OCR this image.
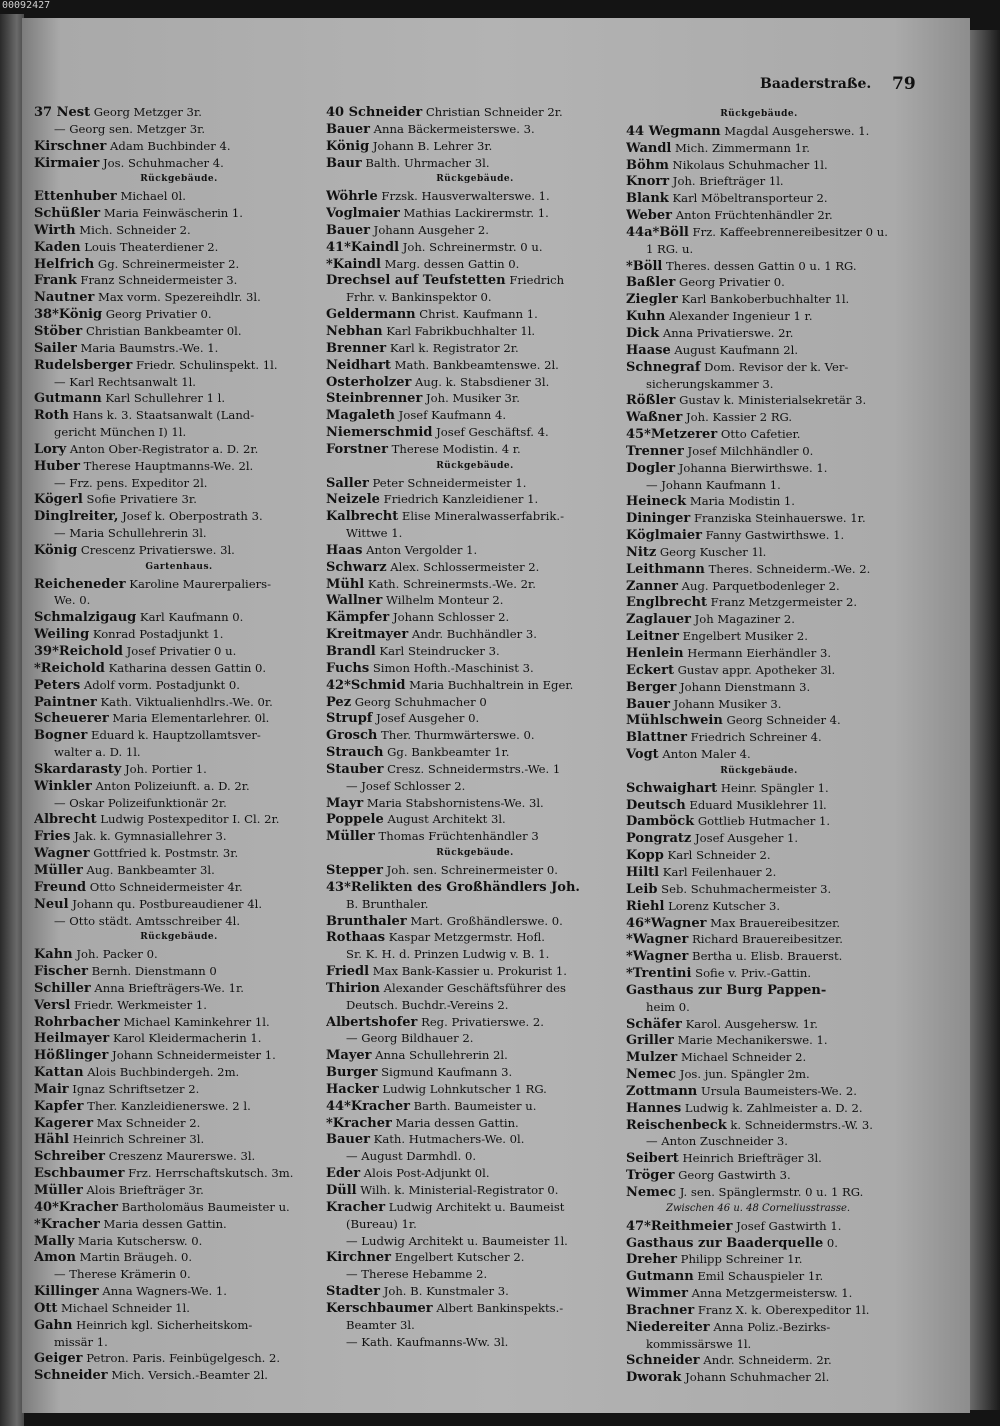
00092427
Baaderstraße. 79
37 Nest Georg Metzger 3r.
— Georg sen. Metzger 3r.
Kirschner Adam Buchbinder 4.
Kirmaier Jos. Schuhmacher 4.
Rückgebäude.
Ettenhuber Michael 0l.
Schüßler Maria Feinwäscherin 1.
Wirth Mich. Schneider 2.
Kaden Louis Theaterdiener 2.
Helfrich Gg. Schreinermeister 2.
Frank Franz Schneidermeister 3.
Nautner Max vorm. Spezereihdlr. 3l.
38*König Georg Privatier 0.
Stöber Christian Bankbeamter 0l.
Sailer Maria Baumstrs.-We. 1.
Rudelsberger Friedr. Schulinspekt. 1l.
— Karl Rechtsanwalt 1l.
Gutmann Karl Schullehrer 1 l.
Roth Hans k. 3. Staatsanwalt (Land-
gericht München I) 1l.
Lory Anton Ober-Registrator a. D. 2r.
Huber Therese Hauptmanns-We. 2l.
— Frz. pens. Expeditor 2l.
Kögerl Sofie Privatiere 3r.
Dinglreiter, Josef k. Oberpostrath 3.
— Maria Schullehrerin 3l.
König Crescenz Privatierswe. 3l.
Gartenhaus.
Reicheneder Karoline Maurerpaliers-
We. 0.
Schmalzigaug Karl Kaufmann 0.
Weiling Konrad Postadjunkt 1.
39*Reichold Josef Privatier 0 u.
*Reichold Katharina dessen Gattin 0.
Peters Adolf vorm. Postadjunkt 0.
Paintner Kath. Viktualienhdlrs.-We. 0r.
Scheuerer Maria Elementarlehrer. 0l.
Bogner Eduard k. Hauptzollamtsver-
walter a. D. 1l.
Skardarasty Joh. Portier 1.
Winkler Anton Polizeiunft. a. D. 2r.
— Oskar Polizeifunktionär 2r.
Albrecht Ludwig Postexpeditor I. Cl. 2r.
Fries Jak. k. Gymnasiallehrer 3.
Wagner Gottfried k. Postmstr. 3r.
Müller Aug. Bankbeamter 3l.
Freund Otto Schneidermeister 4r.
Neul Johann qu. Postbureaudiener 4l.
— Otto städt. Amtsschreiber 4l.
Rückgebäude.
Kahn Joh. Packer 0.
Fischer Bernh. Dienstmann 0
Schiller Anna Briefträgers-We. 1r.
Versl Friedr. Werkmeister 1.
Rohrbacher Michael Kaminkehrer 1l.
Heilmayer Karol Kleidermacherin 1.
Hößlinger Johann Schneidermeister 1.
Kattan Alois Buchbindergeh. 2m.
Mair Ignaz Schriftsetzer 2.
Kapfer Ther. Kanzleidienerswe. 2 l.
Kagerer Max Schneider 2.
Hähl Heinrich Schreiner 3l.
Schreiber Creszenz Maurerswe. 3l.
Eschbaumer Frz. Herrschaftskutsch. 3m.
Müller Alois Briefträger 3r.
40*Kracher Bartholomäus Baumeister u.
*Kracher Maria dessen Gattin.
Mally Maria Kutschersw. 0.
Amon Martin Bräugeh. 0.
— Therese Krämerin 0.
Killinger Anna Wagners-We. 1.
Ott Michael Schneider 1l.
Gahn Heinrich kgl. Sicherheitskom-
missär 1.
Geiger Petron. Paris. Feinbügelgesch. 2.
Schneider Mich. Versich.-Beamter 2l.
40 Schneider Christian Schneider 2r.
Bauer Anna Bäckermeisterswe. 3.
König Johann B. Lehrer 3r.
Baur Balth. Uhrmacher 3l.
Rückgebäude.
Wöhrle Frzsk. Hausverwalterswe. 1.
Voglmaier Mathias Lackirermstr. 1.
Bauer Johann Ausgeher 2.
41*Kaindl Joh. Schreinermstr. 0 u.
*Kaindl Marg. dessen Gattin 0.
Drechsel auf Teufstetten Friedrich
Frhr. v. Bankinspektor 0.
Geldermann Christ. Kaufmann 1.
Nebhan Karl Fabrikbuchhalter 1l.
Brenner Karl k. Registrator 2r.
Neidhart Math. Bankbeamtenswe. 2l.
Osterholzer Aug. k. Stabsdiener 3l.
Steinbrenner Joh. Musiker 3r.
Magaleth Josef Kaufmann 4.
Niemerschmid Josef Geschäftsf. 4.
Forstner Therese Modistin. 4 r.
Rückgebäude.
Saller Peter Schneidermeister 1.
Neizele Friedrich Kanzleidiener 1.
Kalbrecht Elise Mineralwasserfabrik.-
Wittwe 1.
Haas Anton Vergolder 1.
Schwarz Alex. Schlossermeister 2.
Mühl Kath. Schreinermsts.-We. 2r.
Wallner Wilhelm Monteur 2.
Kämpfer Johann Schlosser 2.
Kreitmayer Andr. Buchhändler 3.
Brandl Karl Steindrucker 3.
Fuchs Simon Hofth.-Maschinist 3.
42*Schmid Maria Buchhaltrein in Eger.
Pez Georg Schuhmacher 0
Strupf Josef Ausgeher 0.
Grosch Ther. Thurmwärterswe. 0.
Strauch Gg. Bankbeamter 1r.
Stauber Cresz. Schneidermstrs.-We. 1
— Josef Schlosser 2.
Mayr Maria Stabshornistens-We. 3l.
Poppele August Architekt 3l.
Müller Thomas Früchtenhändler 3
Rückgebäude.
Stepper Joh. sen. Schreinermeister 0.
43*Relikten des Großhändlers Joh.
B. Brunthaler.
Brunthaler Mart. Großhändlerswe. 0.
Rothaas Kaspar Metzgermstr. Hofl.
Sr. K. H. d. Prinzen Ludwig v. B. 1.
Friedl Max Bank-Kassier u. Prokurist 1.
Thirion Alexander Geschäftsführer des
Deutsch. Buchdr.-Vereins 2.
Albertshofer Reg. Privatierswe. 2.
— Georg Bildhauer 2.
Mayer Anna Schullehrerin 2l.
Burger Sigmund Kaufmann 3.
Hacker Ludwig Lohnkutscher 1 RG.
44*Kracher Barth. Baumeister u.
*Kracher Maria dessen Gattin.
Bauer Kath. Hutmachers-We. 0l.
— August Darmhdl. 0.
Eder Alois Post-Adjunkt 0l.
Düll Wilh. k. Ministerial-Registrator 0.
Kracher Ludwig Architekt u. Baumeist
(Bureau) 1r.
— Ludwig Architekt u. Baumeister 1l.
Kirchner Engelbert Kutscher 2.
— Therese Hebamme 2.
Stadter Joh. B. Kunstmaler 3.
Kerschbaumer Albert Bankinspekts.-
Beamter 3l.
— Kath. Kaufmanns-Ww. 3l.
Rückgebäude.
44 Wegmann Magdal Ausgeherswe. 1.
Wandl Mich. Zimmermann 1r.
Böhm Nikolaus Schuhmacher 1l.
Knorr Joh. Briefträger 1l.
Blank Karl Möbeltransporteur 2.
Weber Anton Früchtenhändler 2r.
44a*Böll Frz. Kaffeebrennereibesitzer 0 u.
1 RG. u.
*Böll Theres. dessen Gattin 0 u. 1 RG.
Baßler Georg Privatier 0.
Ziegler Karl Bankoberbuchhalter 1l.
Kuhn Alexander Ingenieur 1 r.
Dick Anna Privatierswe. 2r.
Haase August Kaufmann 2l.
Schnegraf Dom. Revisor der k. Ver-
sicherungskammer 3.
Rößler Gustav k. Ministerialsekretär 3.
Waßner Joh. Kassier 2 RG.
45*Metzerer Otto Cafetier.
Trenner Josef Milchhändler 0.
Dogler Johanna Bierwirthswe. 1.
— Johann Kaufmann 1.
Heineck Maria Modistin 1.
Dininger Franziska Steinhauerswe. 1r.
Köglmaier Fanny Gastwirthswe. 1.
Nitz Georg Kuscher 1l.
Leithmann Theres. Schneiderm.-We. 2.
Zanner Aug. Parquetbodenleger 2.
Englbrecht Franz Metzgermeister 2.
Zaglauer Joh Magaziner 2.
Leitner Engelbert Musiker 2.
Henlein Hermann Eierhändler 3.
Eckert Gustav appr. Apotheker 3l.
Berger Johann Dienstmann 3.
Bauer Johann Musiker 3.
Mühlschwein Georg Schneider 4.
Blattner Friedrich Schreiner 4.
Vogt Anton Maler 4.
Rückgebäude.
Schwaighart Heinr. Spängler 1.
Deutsch Eduard Musiklehrer 1l.
Damböck Gottlieb Hutmacher 1.
Pongratz Josef Ausgeher 1.
Kopp Karl Schneider 2.
Hiltl Karl Feilenhauer 2.
Leib Seb. Schuhmachermeister 3.
Riehl Lorenz Kutscher 3.
46*Wagner Max Brauereibesitzer.
*Wagner Richard Brauereibesitzer.
*Wagner Bertha u. Elisb. Brauerst.
*Trentini Sofie v. Priv.-Gattin.
Gasthaus zur Burg Pappen-
heim 0.
Schäfer Karol. Ausgehersw. 1r.
Griller Marie Mechanikerswe. 1.
Mulzer Michael Schneider 2.
Nemec Jos. jun. Spängler 2m.
Zottmann Ursula Baumeisters-We. 2.
Hannes Ludwig k. Zahlmeister a. D. 2.
Reischenbeck k. Schneidermstrs.-W. 3.
— Anton Zuschneider 3.
Seibert Heinrich Briefträger 3l.
Tröger Georg Gastwirth 3.
Nemec J. sen. Spänglermstr. 0 u. 1 RG.
Zwischen 46 u. 48 Corneliusstrasse.
47*Reithmeier Josef Gastwirth 1.
Gasthaus zur Baaderquelle 0.
Dreher Philipp Schreiner 1r.
Gutmann Emil Schauspieler 1r.
Wimmer Anna Metzgermeistersw. 1.
Brachner Franz X. k. Oberexpeditor 1l.
Niedereiter Anna Poliz.-Bezirks-
kommissärswe 1l.
Schneider Andr. Schneiderm. 2r.
Dworak Johann Schuhmacher 2l.
